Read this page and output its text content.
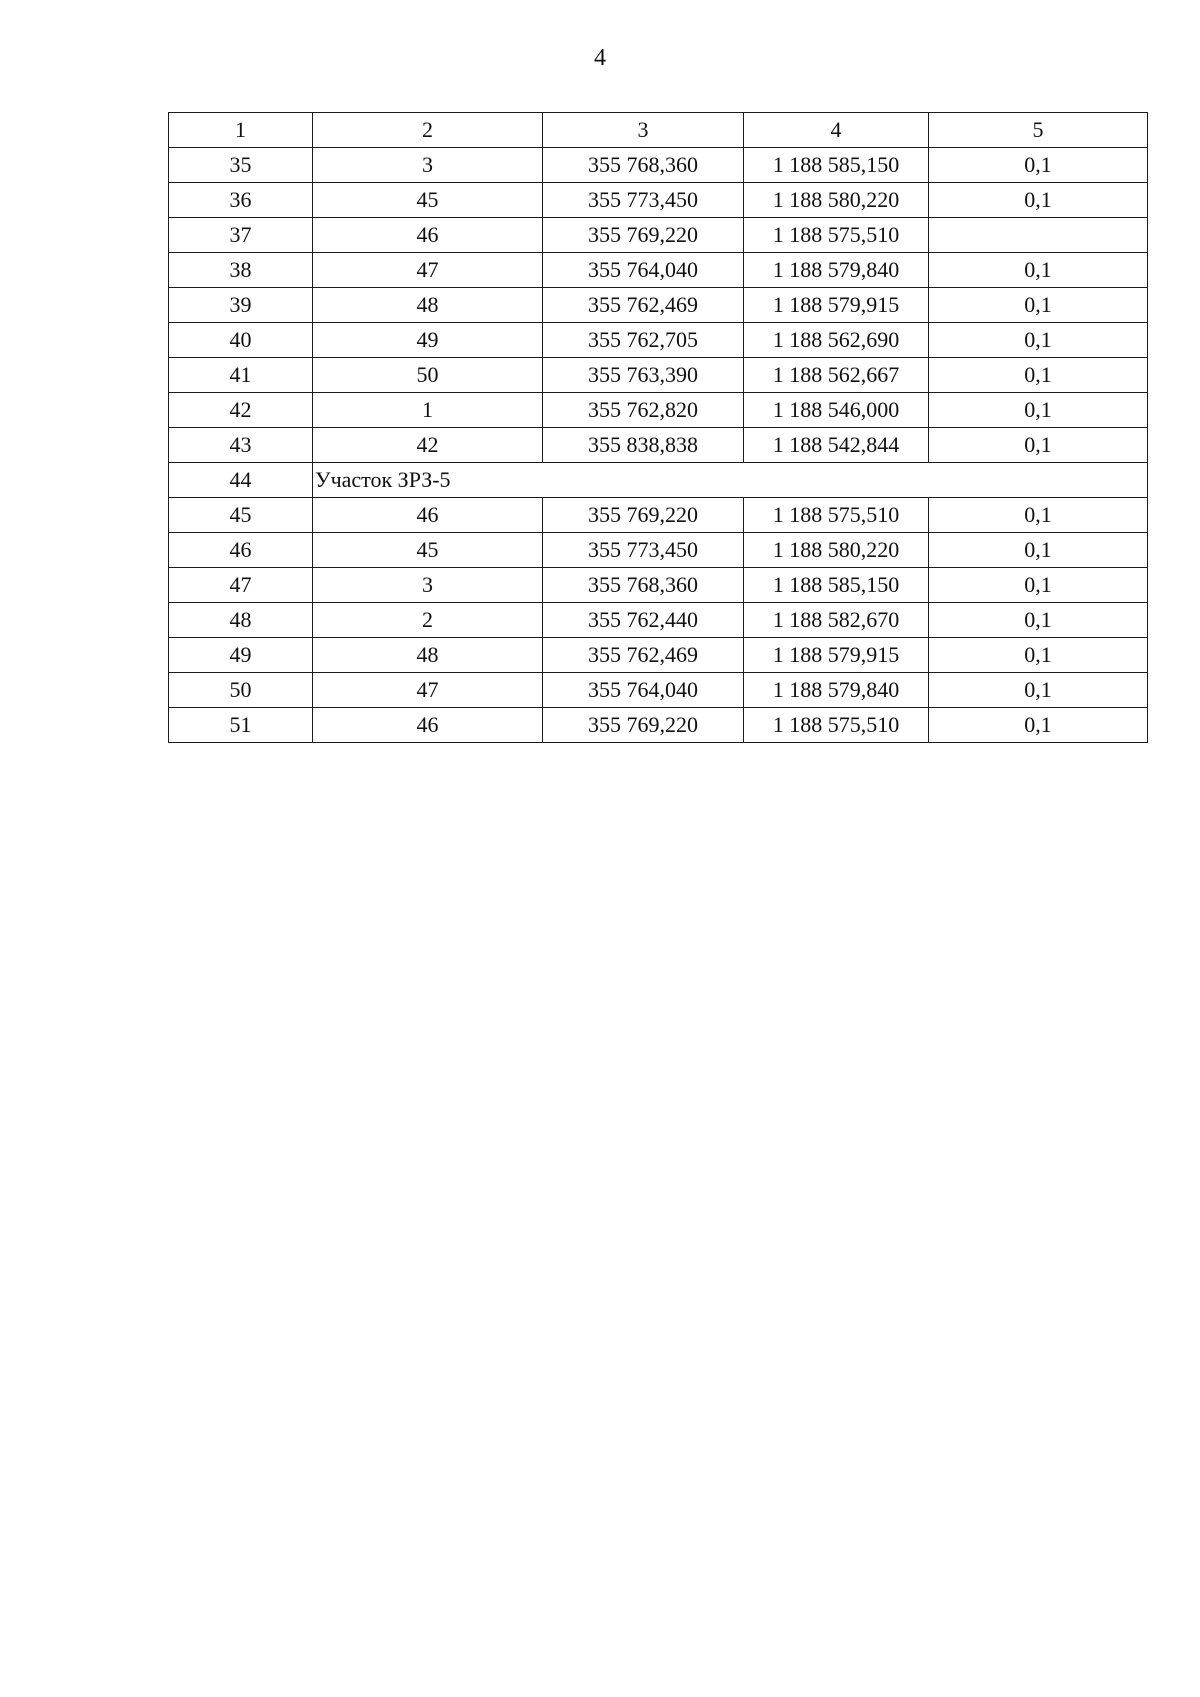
4
1	2	3	4	5
35	3	355 768,360	1 188 585,150	0,1
36	45	355 773,450	1 188 580,220	0,1
37	46	355 769,220	1 188 575,510	
38	47	355 764,040	1 188 579,840	0,1
39	48	355 762,469	1 188 579,915	0,1
40	49	355 762,705	1 188 562,690	0,1
41	50	355 763,390	1 188 562,667	0,1
42	1	355 762,820	1 188 546,000	0,1
43	42	355 838,838	1 188 542,844	0,1
44	Участок ЗРЗ-5			
45	46	355 769,220	1 188 575,510	0,1
46	45	355 773,450	1 188 580,220	0,1
47	3	355 768,360	1 188 585,150	0,1
48	2	355 762,440	1 188 582,670	0,1
49	48	355 762,469	1 188 579,915	0,1
50	47	355 764,040	1 188 579,840	0,1
51	46	355 769,220	1 188 575,510	0,1
